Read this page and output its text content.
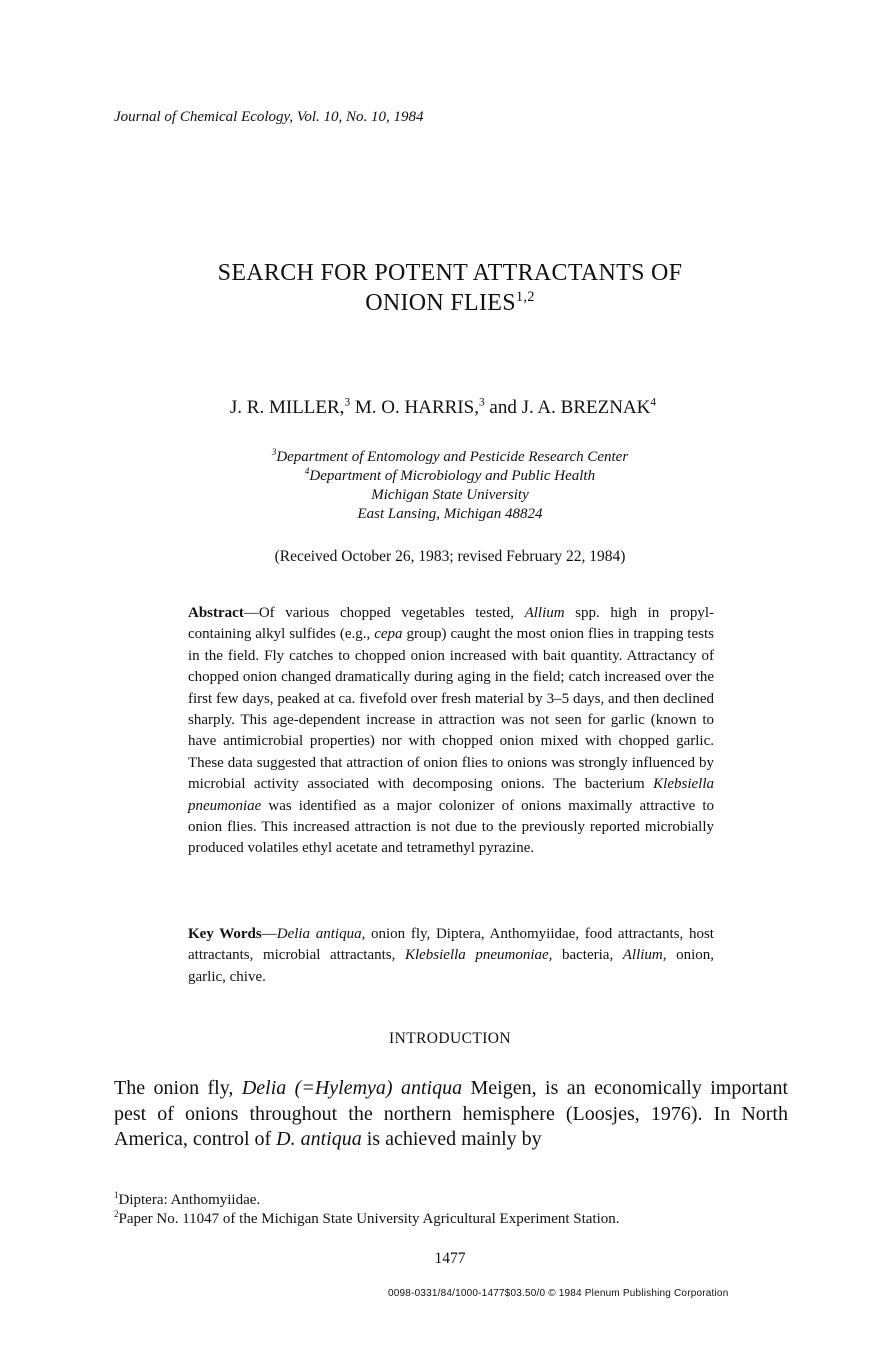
Journal of Chemical Ecology, Vol. 10, No. 10, 1984
SEARCH FOR POTENT ATTRACTANTS OF
ONION FLIES$^{1,2}$
J. R. MILLER,$^3$ M. O. HARRIS,$^3$ and J. A. BREZNAK$^4$
$^3$Department of Entomology and Pesticide Research Center
$^4$Department of Microbiology and Public Health
Michigan State University
East Lansing, Michigan 48824
(Received October 26, 1983; revised February 22, 1984)
Abstract—Of various chopped vegetables tested, Allium spp. high in propyl-containing alkyl sulfides (e.g., cepa group) caught the most onion flies in trapping tests in the field. Fly catches to chopped onion increased with bait quantity. Attractancy of chopped onion changed dramatically during aging in the field; catch increased over the first few days, peaked at ca. fivefold over fresh material by 3–5 days, and then declined sharply. This age-dependent increase in attraction was not seen for garlic (known to have antimicrobial properties) nor with chopped onion mixed with chopped garlic. These data suggested that attraction of onion flies to onions was strongly influenced by microbial activity associated with decomposing onions. The bacterium Klebsiella pneumoniae was identified as a major colonizer of onions maximally attractive to onion flies. This increased attraction is not due to the previously reported microbially produced volatiles ethyl acetate and tetramethyl pyrazine.
Key Words—Delia antiqua, onion fly, Diptera, Anthomyiidae, food attractants, host attractants, microbial attractants, Klebsiella pneumoniae, bacteria, Allium, onion, garlic, chive.
INTRODUCTION
The onion fly, Delia (=Hylemya) antiqua Meigen, is an economically important pest of onions throughout the northern hemisphere (Loosjes, 1976). In North America, control of D. antiqua is achieved mainly by
$^1$Diptera: Anthomyiidae.
$^2$Paper No. 11047 of the Michigan State University Agricultural Experiment Station.
1477
0098-0331/84/1000-1477$03.50/0 © 1984 Plenum Publishing Corporation
